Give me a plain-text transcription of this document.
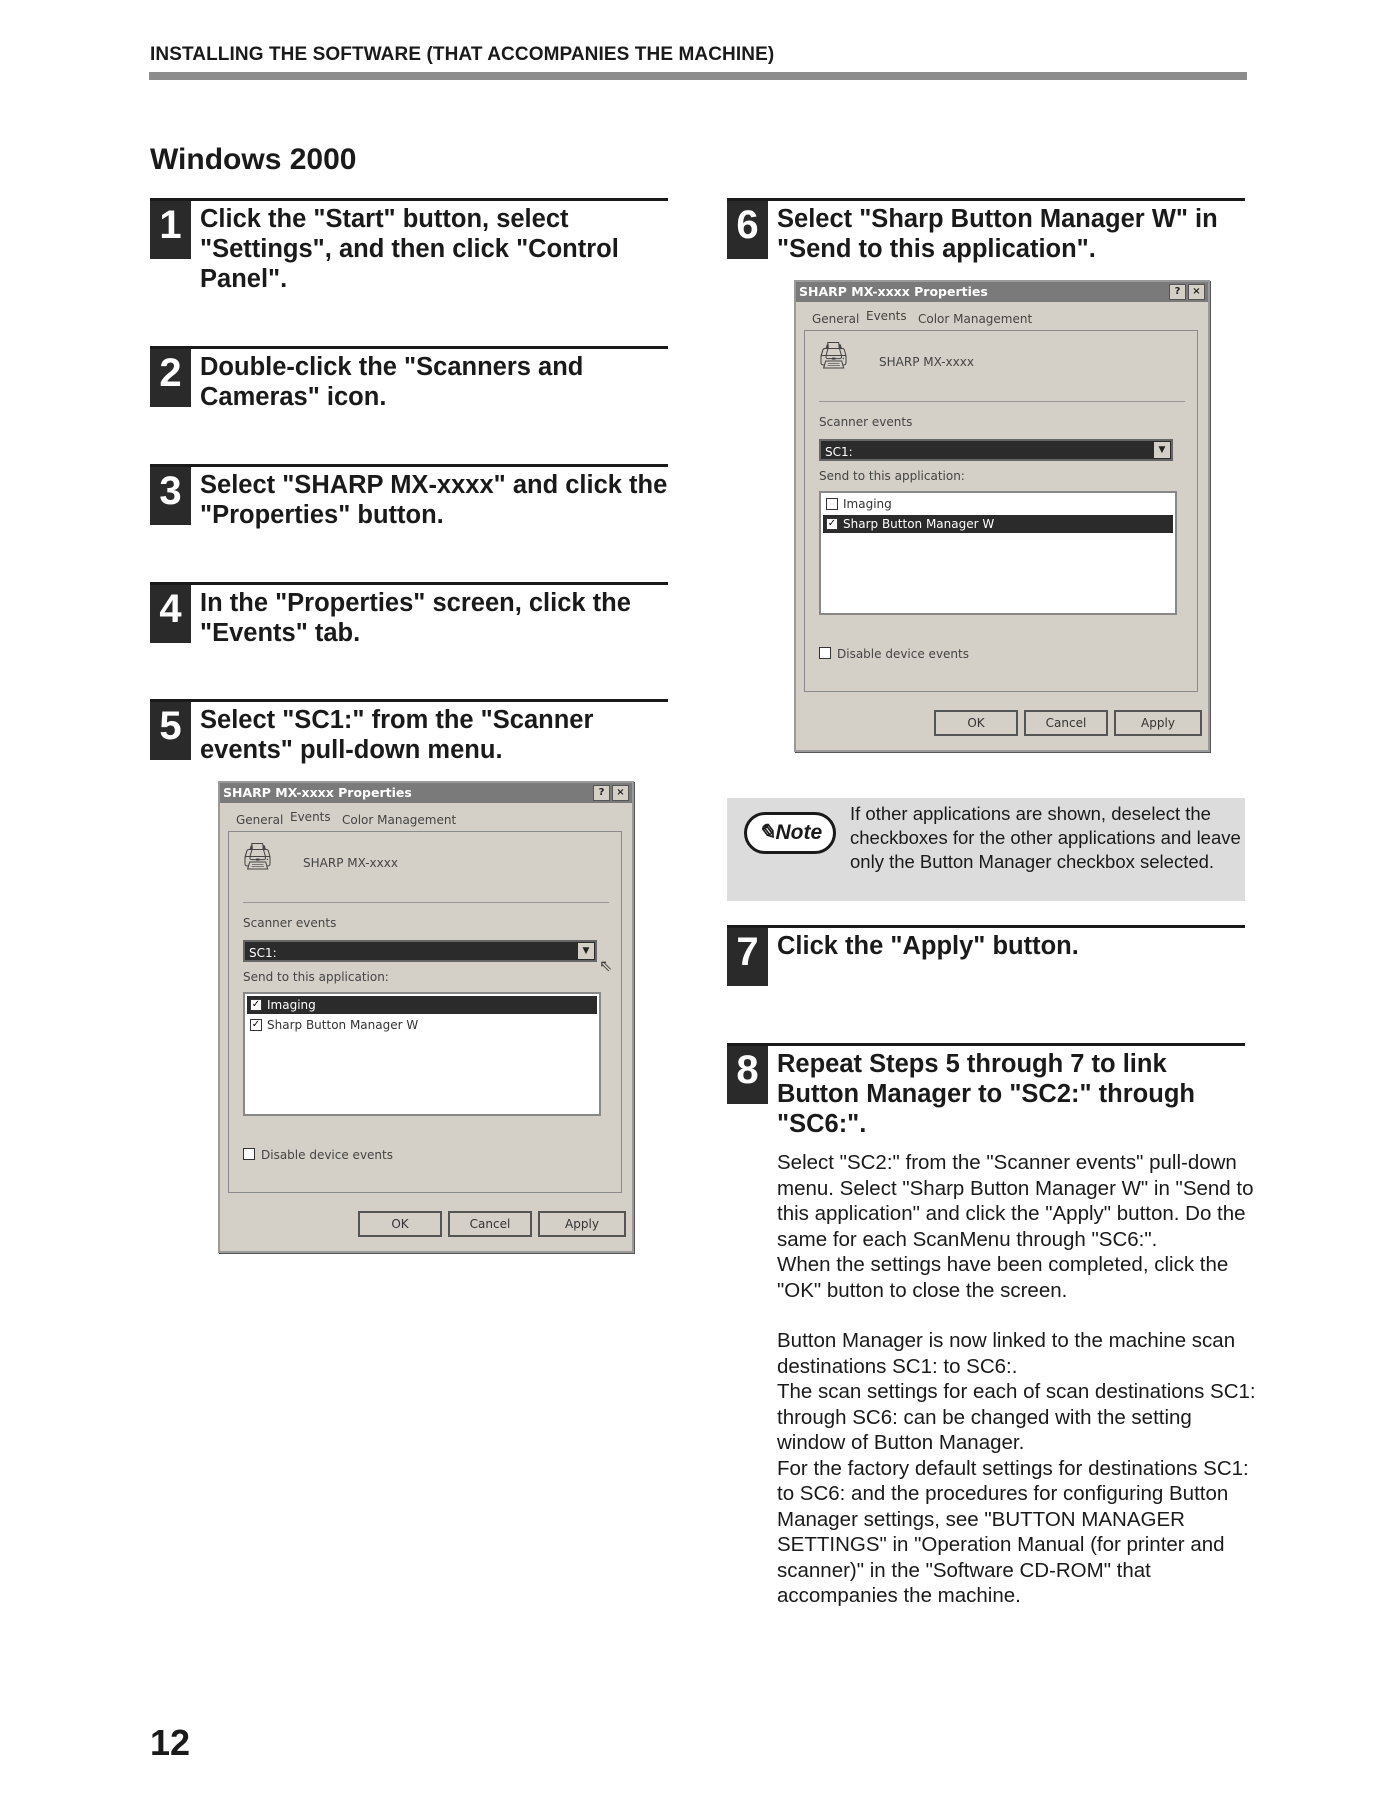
INSTALLING THE SOFTWARE (THAT ACCOMPANIES THE MACHINE)
Windows 2000
1 Click the "Start" button, select "Settings", and then click "Control Panel".
2 Double-click the "Scanners and Cameras" icon.
3 Select "SHARP MX-xxxx" and click the "Properties" button.
4 In the "Properties" screen, click the "Events" tab.
5 Select "SC1:" from the "Scanner events" pull-down menu.
SHARP MX-xxxx Properties	?	×
General Events Color Management
🖨 SHARP MX-xxxx
Scanner events
SC1:	▼
⇖
Send to this application:
✓ Imaging
✓ Sharp Button Manager W
Disable device events
OK	Cancel	Apply
6 Select "Sharp Button Manager W" in "Send to this application".
SHARP MX-xxxx Properties	?	×
General Events Color Management
🖨 SHARP MX-xxxx
Scanner events
SC1:	▼
Send to this application:
Imaging
✓ Sharp Button Manager W
Disable device events
OK	Cancel	Apply
✎Note
If other applications are shown, deselect the checkboxes for the other applications and leave only the Button Manager checkbox selected.
7 Click the "Apply" button.
8 Repeat Steps 5 through 7 to link Button Manager to "SC2:" through "SC6:".
Select "SC2:" from the "Scanner events" pull-down menu. Select "Sharp Button Manager W" in "Send to this application" and click the "Apply" button. Do the same for each ScanMenu through "SC6:".
When the settings have been completed, click the "OK" button to close the screen.
Button Manager is now linked to the machine scan destinations SC1: to SC6:.
The scan settings for each of scan destinations SC1: through SC6: can be changed with the setting window of Button Manager.
For the factory default settings for destinations SC1: to SC6: and the procedures for configuring Button Manager settings, see "BUTTON MANAGER SETTINGS" in "Operation Manual (for printer and scanner)" in the "Software CD-ROM" that accompanies the machine.
12
